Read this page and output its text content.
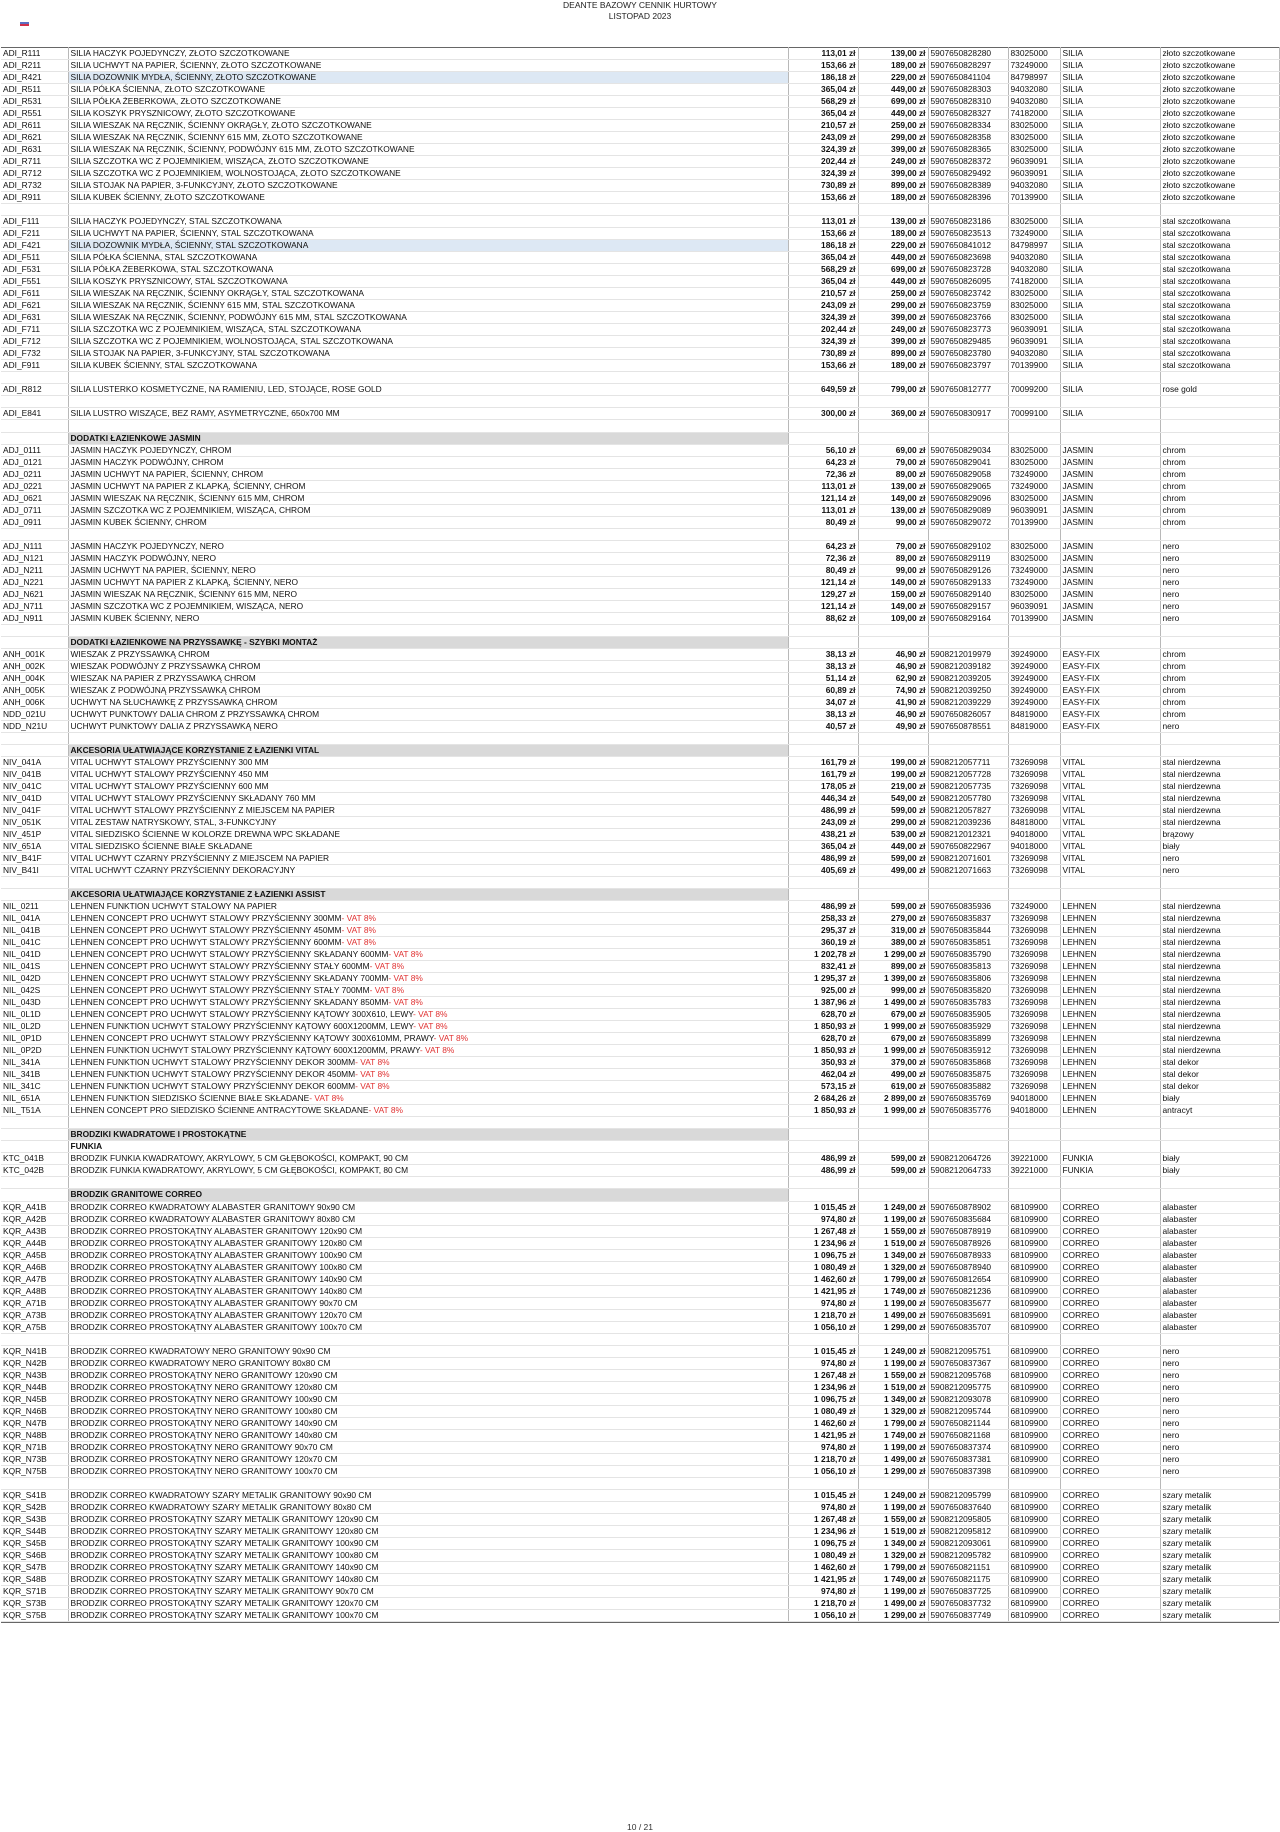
DEANTE BAZOWY CENNIK HURTOWY
LISTOPAD 2023
ADI_R111	SILIA HACZYK POJEDYNCZY, ZŁOTO SZCZOTKOWANE	113,01 zł	139,00 zł	5907650828280	83025000	SILIA	złoto szczotkowane
ADI_R211	SILIA UCHWYT NA PAPIER, ŚCIENNY, ZŁOTO SZCZOTKOWANE	153,66 zł	189,00 zł	5907650828297	73249000	SILIA	złoto szczotkowane
ADI_R421	SILIA DOZOWNIK MYDŁA, ŚCIENNY, ZŁOTO SZCZOTKOWANE	186,18 zł	229,00 zł	5907650841104	84798997	SILIA	złoto szczotkowane
ADI_R511	SILIA PÓŁKA ŚCIENNA, ZŁOTO SZCZOTKOWANE	365,04 zł	449,00 zł	5907650828303	94032080	SILIA	złoto szczotkowane
ADI_R531	SILIA PÓŁKA ŻEBERKOWA, ZŁOTO SZCZOTKOWANE	568,29 zł	699,00 zł	5907650828310	94032080	SILIA	złoto szczotkowane
ADI_R551	SILIA KOSZYK PRYSZNICOWY, ZŁOTO SZCZOTKOWANE	365,04 zł	449,00 zł	5907650828327	74182000	SILIA	złoto szczotkowane
ADI_R611	SILIA WIESZAK NA RĘCZNIK, ŚCIENNY OKRĄGŁY, ZŁOTO SZCZOTKOWANE	210,57 zł	259,00 zł	5907650828334	83025000	SILIA	złoto szczotkowane
ADI_R621	SILIA WIESZAK NA RĘCZNIK, ŚCIENNY 615 MM, ZŁOTO SZCZOTKOWANE	243,09 zł	299,00 zł	5907650828358	83025000	SILIA	złoto szczotkowane
ADI_R631	SILIA WIESZAK NA RĘCZNIK, ŚCIENNY, PODWÓJNY 615 MM, ZŁOTO SZCZOTKOWANE	324,39 zł	399,00 zł	5907650828365	83025000	SILIA	złoto szczotkowane
ADI_R711	SILIA SZCZOTKA WC Z POJEMNIKIEM, WISZĄCA, ZŁOTO SZCZOTKOWANE	202,44 zł	249,00 zł	5907650828372	96039091	SILIA	złoto szczotkowane
ADI_R712	SILIA SZCZOTKA WC Z POJEMNIKIEM, WOLNOSTOJĄCA, ZŁOTO SZCZOTKOWANE	324,39 zł	399,00 zł	5907650829492	96039091	SILIA	złoto szczotkowane
ADI_R732	SILIA STOJAK NA PAPIER, 3-FUNKCYJNY, ZŁOTO SZCZOTKOWANE	730,89 zł	899,00 zł	5907650828389	94032080	SILIA	złoto szczotkowane
ADI_R911	SILIA KUBEK ŚCIENNY, ZŁOTO SZCZOTKOWANE	153,66 zł	189,00 zł	5907650828396	70139900	SILIA	złoto szczotkowane

ADI_F111	SILIA HACZYK POJEDYNCZY, STAL SZCZOTKOWANA	113,01 zł	139,00 zł	5907650823186	83025000	SILIA	stal szczotkowana
ADI_F211	SILIA UCHWYT NA PAPIER, ŚCIENNY, STAL SZCZOTKOWANA	153,66 zł	189,00 zł	5907650823513	73249000	SILIA	stal szczotkowana
ADI_F421	SILIA DOZOWNIK MYDŁA, ŚCIENNY, STAL SZCZOTKOWANA	186,18 zł	229,00 zł	5907650841012	84798997	SILIA	stal szczotkowana
ADI_F511	SILIA PÓŁKA ŚCIENNA, STAL SZCZOTKOWANA	365,04 zł	449,00 zł	5907650823698	94032080	SILIA	stal szczotkowana
ADI_F531	SILIA PÓŁKA ŻEBERKOWA, STAL SZCZOTKOWANA	568,29 zł	699,00 zł	5907650823728	94032080	SILIA	stal szczotkowana
ADI_F551	SILIA KOSZYK PRYSZNICOWY, STAL SZCZOTKOWANA	365,04 zł	449,00 zł	5907650826095	74182000	SILIA	stal szczotkowana
ADI_F611	SILIA WIESZAK NA RĘCZNIK, ŚCIENNY OKRĄGŁY, STAL SZCZOTKOWANA	210,57 zł	259,00 zł	5907650823742	83025000	SILIA	stal szczotkowana
ADI_F621	SILIA WIESZAK NA RĘCZNIK, ŚCIENNY 615 MM, STAL SZCZOTKOWANA	243,09 zł	299,00 zł	5907650823759	83025000	SILIA	stal szczotkowana
ADI_F631	SILIA WIESZAK NA RĘCZNIK, ŚCIENNY, PODWÓJNY 615 MM, STAL SZCZOTKOWANA	324,39 zł	399,00 zł	5907650823766	83025000	SILIA	stal szczotkowana
ADI_F711	SILIA SZCZOTKA WC Z POJEMNIKIEM, WISZĄCA, STAL SZCZOTKOWANA	202,44 zł	249,00 zł	5907650823773	96039091	SILIA	stal szczotkowana
ADI_F712	SILIA SZCZOTKA WC Z POJEMNIKIEM, WOLNOSTOJĄCA, STAL SZCZOTKOWANA	324,39 zł	399,00 zł	5907650829485	96039091	SILIA	stal szczotkowana
ADI_F732	SILIA STOJAK NA PAPIER, 3-FUNKCYJNY, STAL SZCZOTKOWANA	730,89 zł	899,00 zł	5907650823780	94032080	SILIA	stal szczotkowana
ADI_F911	SILIA KUBEK ŚCIENNY, STAL SZCZOTKOWANA	153,66 zł	189,00 zł	5907650823797	70139900	SILIA	stal szczotkowana

ADI_R812	SILIA LUSTERKO KOSMETYCZNE, NA RAMIENIU, LED, STOJĄCE, ROSE GOLD	649,59 zł	799,00 zł	5907650812777	70099200	SILIA	rose gold

ADI_E841	SILIA LUSTRO WISZĄCE, BEZ RAMY, ASYMETRYCZNE, 650x700 MM	300,00 zł	369,00 zł	5907650830917	70099100	SILIA	

	DODATKI ŁAZIENKOWE JASMIN						
ADJ_0111	JASMIN HACZYK POJEDYNCZY, CHROM	56,10 zł	69,00 zł	5907650829034	83025000	JASMIN	chrom
ADJ_0121	JASMIN HACZYK PODWÓJNY, CHROM	64,23 zł	79,00 zł	5907650829041	83025000	JASMIN	chrom
ADJ_0211	JASMIN UCHWYT NA PAPIER, ŚCIENNY, CHROM	72,36 zł	89,00 zł	5907650829058	73249000	JASMIN	chrom
ADJ_0221	JASMIN UCHWYT NA PAPIER Z KLAPKĄ, ŚCIENNY, CHROM	113,01 zł	139,00 zł	5907650829065	73249000	JASMIN	chrom
ADJ_0621	JASMIN WIESZAK NA RĘCZNIK, ŚCIENNY 615 MM, CHROM	121,14 zł	149,00 zł	5907650829096	83025000	JASMIN	chrom
ADJ_0711	JASMIN SZCZOTKA WC Z POJEMNIKIEM, WISZĄCA, CHROM	113,01 zł	139,00 zł	5907650829089	96039091	JASMIN	chrom
ADJ_0911	JASMIN KUBEK ŚCIENNY, CHROM	80,49 zł	99,00 zł	5907650829072	70139900	JASMIN	chrom

ADJ_N111	JASMIN HACZYK POJEDYNCZY, NERO	64,23 zł	79,00 zł	5907650829102	83025000	JASMIN	nero
ADJ_N121	JASMIN HACZYK PODWÓJNY, NERO	72,36 zł	89,00 zł	5907650829119	83025000	JASMIN	nero
ADJ_N211	JASMIN UCHWYT NA PAPIER, ŚCIENNY, NERO	80,49 zł	99,00 zł	5907650829126	73249000	JASMIN	nero
ADJ_N221	JASMIN UCHWYT NA PAPIER Z KLAPKĄ, ŚCIENNY, NERO	121,14 zł	149,00 zł	5907650829133	73249000	JASMIN	nero
ADJ_N621	JASMIN WIESZAK NA RĘCZNIK, ŚCIENNY 615 MM, NERO	129,27 zł	159,00 zł	5907650829140	83025000	JASMIN	nero
ADJ_N711	JASMIN SZCZOTKA WC Z POJEMNIKIEM, WISZĄCA, NERO	121,14 zł	149,00 zł	5907650829157	96039091	JASMIN	nero
ADJ_N911	JASMIN KUBEK ŚCIENNY, NERO	88,62 zł	109,00 zł	5907650829164	70139900	JASMIN	nero

	DODATKI ŁAZIENKOWE NA PRZYSSAWKĘ - SZYBKI MONTAŻ						
ANH_001K	WIESZAK Z PRZYSSAWKĄ CHROM	38,13 zł	46,90 zł	5908212019979	39249000	EASY-FIX	chrom
ANH_002K	WIESZAK PODWÓJNY Z PRZYSSAWKĄ CHROM	38,13 zł	46,90 zł	5908212039182	39249000	EASY-FIX	chrom
ANH_004K	WIESZAK NA PAPIER Z PRZYSSAWKĄ CHROM	51,14 zł	62,90 zł	5908212039205	39249000	EASY-FIX	chrom
ANH_005K	WIESZAK Z PODWÓJNĄ PRZYSSAWKĄ CHROM	60,89 zł	74,90 zł	5908212039250	39249000	EASY-FIX	chrom
ANH_006K	UCHWYT NA SŁUCHAWKĘ Z PRZYSSAWKĄ CHROM	34,07 zł	41,90 zł	5908212039229	39249000	EASY-FIX	chrom
NDD_021U	UCHWYT PUNKTOWY DALIA CHROM Z PRZYSSAWKĄ CHROM	38,13 zł	46,90 zł	5907650826057	84819000	EASY-FIX	chrom
NDD_N21U	UCHWYT PUNKTOWY DALIA Z PRZYSSAWKĄ NERO	40,57 zł	49,90 zł	5907650878551	84819000	EASY-FIX	nero

	AKCESORIA UŁATWIAJĄCE KORZYSTANIE Z ŁAZIENKI VITAL						
NIV_041A	VITAL UCHWYT STALOWY PRZYŚCIENNY 300 MM	161,79 zł	199,00 zł	5908212057711	73269098	VITAL	stal nierdzewna
NIV_041B	VITAL UCHWYT STALOWY PRZYŚCIENNY 450 MM	161,79 zł	199,00 zł	5908212057728	73269098	VITAL	stal nierdzewna
NIV_041C	VITAL UCHWYT STALOWY PRZYŚCIENNY 600 MM	178,05 zł	219,00 zł	5908212057735	73269098	VITAL	stal nierdzewna
NIV_041D	VITAL UCHWYT STALOWY PRZYŚCIENNY SKŁADANY 760 MM	446,34 zł	549,00 zł	5908212057780	73269098	VITAL	stal nierdzewna
NIV_041F	VITAL UCHWYT STALOWY PRZYŚCIENNY Z MIEJSCEM NA PAPIER	486,99 zł	599,00 zł	5908212057827	73269098	VITAL	stal nierdzewna
NIV_051K	VITAL ZESTAW NATRYSKOWY, STAL, 3-FUNKCYJNY	243,09 zł	299,00 zł	5908212039236	84818000	VITAL	stal nierdzewna
NIV_451P	VITAL SIEDZISKO ŚCIENNE W KOLORZE DREWNA WPC SKŁADANE	438,21 zł	539,00 zł	5908212012321	94018000	VITAL	brązowy
NIV_651A	VITAL SIEDZISKO ŚCIENNE BIAŁE SKŁADANE	365,04 zł	449,00 zł	5907650822967	94018000	VITAL	biały
NIV_B41F	VITAL UCHWYT CZARNY PRZYŚCIENNY Z MIEJSCEM NA PAPIER	486,99 zł	599,00 zł	5908212071601	73269098	VITAL	nero
NIV_B41I	VITAL UCHWYT CZARNY PRZYŚCIENNY DEKORACYJNY	405,69 zł	499,00 zł	5908212071663	73269098	VITAL	nero

	AKCESORIA UŁATWIAJĄCE KORZYSTANIE Z ŁAZIENKI ASSIST						
NIL_0211	LEHNEN FUNKTION UCHWYT STALOWY NA PAPIER	486,99 zł	599,00 zł	5907650835936	73249000	LEHNEN	stal nierdzewna
NIL_041A	LEHNEN CONCEPT PRO UCHWYT STALOWY PRZYŚCIENNY 300MM- VAT 8%	258,33 zł	279,00 zł	5907650835837	73269098	LEHNEN	stal nierdzewna
NIL_041B	LEHNEN CONCEPT PRO UCHWYT STALOWY PRZYŚCIENNY 450MM- VAT 8%	295,37 zł	319,00 zł	5907650835844	73269098	LEHNEN	stal nierdzewna
NIL_041C	LEHNEN CONCEPT PRO UCHWYT STALOWY PRZYŚCIENNY 600MM- VAT 8%	360,19 zł	389,00 zł	5907650835851	73269098	LEHNEN	stal nierdzewna
NIL_041D	LEHNEN CONCEPT PRO UCHWYT STALOWY PRZYŚCIENNY SKŁADANY 600MM- VAT 8%	1 202,78 zł	1 299,00 zł	5907650835790	73269098	LEHNEN	stal nierdzewna
NIL_041S	LEHNEN CONCEPT PRO UCHWYT STALOWY PRZYŚCIENNY STAŁY 600MM- VAT 8%	832,41 zł	899,00 zł	5907650835813	73269098	LEHNEN	stal nierdzewna
NIL_042D	LEHNEN CONCEPT PRO UCHWYT STALOWY PRZYŚCIENNY SKŁADANY 700MM- VAT 8%	1 295,37 zł	1 399,00 zł	5907650835806	73269098	LEHNEN	stal nierdzewna
NIL_042S	LEHNEN CONCEPT PRO UCHWYT STALOWY PRZYŚCIENNY STAŁY 700MM- VAT 8%	925,00 zł	999,00 zł	5907650835820	73269098	LEHNEN	stal nierdzewna
NIL_043D	LEHNEN CONCEPT PRO UCHWYT STALOWY PRZYŚCIENNY SKŁADANY 850MM- VAT 8%	1 387,96 zł	1 499,00 zł	5907650835783	73269098	LEHNEN	stal nierdzewna
NIL_0L1D	LEHNEN CONCEPT PRO UCHWYT STALOWY PRZYŚCIENNY KĄTOWY 300X610, LEWY- VAT 8%	628,70 zł	679,00 zł	5907650835905	73269098	LEHNEN	stal nierdzewna
NIL_0L2D	LEHNEN FUNKTION UCHWYT STALOWY PRZYŚCIENNY KĄTOWY 600X1200MM, LEWY- VAT 8%	1 850,93 zł	1 999,00 zł	5907650835929	73269098	LEHNEN	stal nierdzewna
NIL_0P1D	LEHNEN CONCEPT PRO UCHWYT STALOWY PRZYŚCIENNY KĄTOWY 300X610MM, PRAWY- VAT 8%	628,70 zł	679,00 zł	5907650835899	73269098	LEHNEN	stal nierdzewna
NIL_0P2D	LEHNEN FUNKTION UCHWYT STALOWY PRZYŚCIENNY KĄTOWY 600X1200MM, PRAWY- VAT 8%	1 850,93 zł	1 999,00 zł	5907650835912	73269098	LEHNEN	stal nierdzewna
NIL_341A	LEHNEN FUNKTION UCHWYT STALOWY PRZYŚCIENNY DEKOR 300MM- VAT 8%	350,93 zł	379,00 zł	5907650835868	73269098	LEHNEN	stal dekor
NIL_341B	LEHNEN FUNKTION UCHWYT STALOWY PRZYŚCIENNY DEKOR 450MM- VAT 8%	462,04 zł	499,00 zł	5907650835875	73269098	LEHNEN	stal dekor
NIL_341C	LEHNEN FUNKTION UCHWYT STALOWY PRZYŚCIENNY DEKOR 600MM- VAT 8%	573,15 zł	619,00 zł	5907650835882	73269098	LEHNEN	stal dekor
NIL_651A	LEHNEN FUNKTION SIEDZISKO ŚCIENNE BIAŁE SKŁADANE- VAT 8%	2 684,26 zł	2 899,00 zł	5907650835769	94018000	LEHNEN	biały
NIL_T51A	LEHNEN CONCEPT PRO SIEDZISKO ŚCIENNE ANTRACYTOWE SKŁADANE- VAT 8%	1 850,93 zł	1 999,00 zł	5907650835776	94018000	LEHNEN	antracyt

	BRODZIKI KWADRATOWE I PROSTOKĄTNE						
	FUNKIA						
KTC_041B	BRODZIK FUNKIA KWADRATOWY, AKRYLOWY, 5 CM GŁĘBOKOŚCI, KOMPAKT, 90 CM	486,99 zł	599,00 zł	5908212064726	39221000	FUNKIA	biały
KTC_042B	BRODZIK FUNKIA KWADRATOWY, AKRYLOWY, 5 CM GŁĘBOKOŚCI, KOMPAKT, 80 CM	486,99 zł	599,00 zł	5908212064733	39221000	FUNKIA	biały

	BRODZIK GRANITOWE CORREO						
KQR_A41B	BRODZIK CORREO KWADRATOWY ALABASTER GRANITOWY 90x90 CM	1 015,45 zł	1 249,00 zł	5907650878902	68109900	CORREO	alabaster
KQR_A42B	BRODZIK CORREO KWADRATOWY ALABASTER GRANITOWY 80x80 CM	974,80 zł	1 199,00 zł	5907650835684	68109900	CORREO	alabaster
KQR_A43B	BRODZIK CORREO PROSTOKĄTNY ALABASTER GRANITOWY 120x90 CM	1 267,48 zł	1 559,00 zł	5907650878919	68109900	CORREO	alabaster
KQR_A44B	BRODZIK CORREO PROSTOKĄTNY ALABASTER GRANITOWY 120x80 CM	1 234,96 zł	1 519,00 zł	5907650878926	68109900	CORREO	alabaster
KQR_A45B	BRODZIK CORREO PROSTOKĄTNY ALABASTER GRANITOWY 100x90 CM	1 096,75 zł	1 349,00 zł	5907650878933	68109900	CORREO	alabaster
KQR_A46B	BRODZIK CORREO PROSTOKĄTNY ALABASTER GRANITOWY 100x80 CM	1 080,49 zł	1 329,00 zł	5907650878940	68109900	CORREO	alabaster
KQR_A47B	BRODZIK CORREO PROSTOKĄTNY ALABASTER GRANITOWY 140x90 CM	1 462,60 zł	1 799,00 zł	5907650812654	68109900	CORREO	alabaster
KQR_A48B	BRODZIK CORREO PROSTOKĄTNY ALABASTER GRANITOWY 140x80 CM	1 421,95 zł	1 749,00 zł	5907650821236	68109900	CORREO	alabaster
KQR_A71B	BRODZIK CORREO PROSTOKĄTNY ALABASTER GRANITOWY 90x70 CM	974,80 zł	1 199,00 zł	5907650835677	68109900	CORREO	alabaster
KQR_A73B	BRODZIK CORREO PROSTOKĄTNY ALABASTER GRANITOWY 120x70 CM	1 218,70 zł	1 499,00 zł	5907650835691	68109900	CORREO	alabaster
KQR_A75B	BRODZIK CORREO PROSTOKĄTNY ALABASTER GRANITOWY 100x70 CM	1 056,10 zł	1 299,00 zł	5907650835707	68109900	CORREO	alabaster

KQR_N41B	BRODZIK CORREO KWADRATOWY NERO GRANITOWY 90x90 CM	1 015,45 zł	1 249,00 zł	5908212095751	68109900	CORREO	nero
KQR_N42B	BRODZIK CORREO KWADRATOWY NERO GRANITOWY 80x80 CM	974,80 zł	1 199,00 zł	5907650837367	68109900	CORREO	nero
KQR_N43B	BRODZIK CORREO PROSTOKĄTNY NERO GRANITOWY 120x90 CM	1 267,48 zł	1 559,00 zł	5908212095768	68109900	CORREO	nero
KQR_N44B	BRODZIK CORREO PROSTOKĄTNY NERO GRANITOWY 120x80 CM	1 234,96 zł	1 519,00 zł	5908212095775	68109900	CORREO	nero
KQR_N45B	BRODZIK CORREO PROSTOKĄTNY NERO GRANITOWY 100x90 CM	1 096,75 zł	1 349,00 zł	5908212093078	68109900	CORREO	nero
KQR_N46B	BRODZIK CORREO PROSTOKĄTNY NERO GRANITOWY 100x80 CM	1 080,49 zł	1 329,00 zł	5908212095744	68109900	CORREO	nero
KQR_N47B	BRODZIK CORREO PROSTOKĄTNY NERO GRANITOWY 140x90 CM	1 462,60 zł	1 799,00 zł	5907650821144	68109900	CORREO	nero
KQR_N48B	BRODZIK CORREO PROSTOKĄTNY NERO GRANITOWY 140x80 CM	1 421,95 zł	1 749,00 zł	5907650821168	68109900	CORREO	nero
KQR_N71B	BRODZIK CORREO PROSTOKĄTNY NERO GRANITOWY 90x70 CM	974,80 zł	1 199,00 zł	5907650837374	68109900	CORREO	nero
KQR_N73B	BRODZIK CORREO PROSTOKĄTNY NERO GRANITOWY 120x70 CM	1 218,70 zł	1 499,00 zł	5907650837381	68109900	CORREO	nero
KQR_N75B	BRODZIK CORREO PROSTOKĄTNY NERO GRANITOWY 100x70 CM	1 056,10 zł	1 299,00 zł	5907650837398	68109900	CORREO	nero

KQR_S41B	BRODZIK CORREO KWADRATOWY SZARY METALIK GRANITOWY 90x90 CM	1 015,45 zł	1 249,00 zł	5908212095799	68109900	CORREO	szary metalik
KQR_S42B	BRODZIK CORREO KWADRATOWY SZARY METALIK GRANITOWY 80x80 CM	974,80 zł	1 199,00 zł	5907650837640	68109900	CORREO	szary metalik
KQR_S43B	BRODZIK CORREO PROSTOKĄTNY SZARY METALIK GRANITOWY 120x90 CM	1 267,48 zł	1 559,00 zł	5908212095805	68109900	CORREO	szary metalik
KQR_S44B	BRODZIK CORREO PROSTOKĄTNY SZARY METALIK GRANITOWY 120x80 CM	1 234,96 zł	1 519,00 zł	5908212095812	68109900	CORREO	szary metalik
KQR_S45B	BRODZIK CORREO PROSTOKĄTNY SZARY METALIK GRANITOWY 100x90 CM	1 096,75 zł	1 349,00 zł	5908212093061	68109900	CORREO	szary metalik
KQR_S46B	BRODZIK CORREO PROSTOKĄTNY SZARY METALIK GRANITOWY 100x80 CM	1 080,49 zł	1 329,00 zł	5908212095782	68109900	CORREO	szary metalik
KQR_S47B	BRODZIK CORREO PROSTOKĄTNY SZARY METALIK GRANITOWY 140x90 CM	1 462,60 zł	1 799,00 zł	5907650821151	68109900	CORREO	szary metalik
KQR_S48B	BRODZIK CORREO PROSTOKĄTNY SZARY METALIK GRANITOWY 140x80 CM	1 421,95 zł	1 749,00 zł	5907650821175	68109900	CORREO	szary metalik
KQR_S71B	BRODZIK CORREO PROSTOKĄTNY SZARY METALIK GRANITOWY 90x70 CM	974,80 zł	1 199,00 zł	5907650837725	68109900	CORREO	szary metalik
KQR_S73B	BRODZIK CORREO PROSTOKĄTNY SZARY METALIK GRANITOWY 120x70 CM	1 218,70 zł	1 499,00 zł	5907650837732	68109900	CORREO	szary metalik
KQR_S75B	BRODZIK CORREO PROSTOKĄTNY SZARY METALIK GRANITOWY 100x70 CM	1 056,10 zł	1 299,00 zł	5907650837749	68109900	CORREO	szary metalik
10 / 21
